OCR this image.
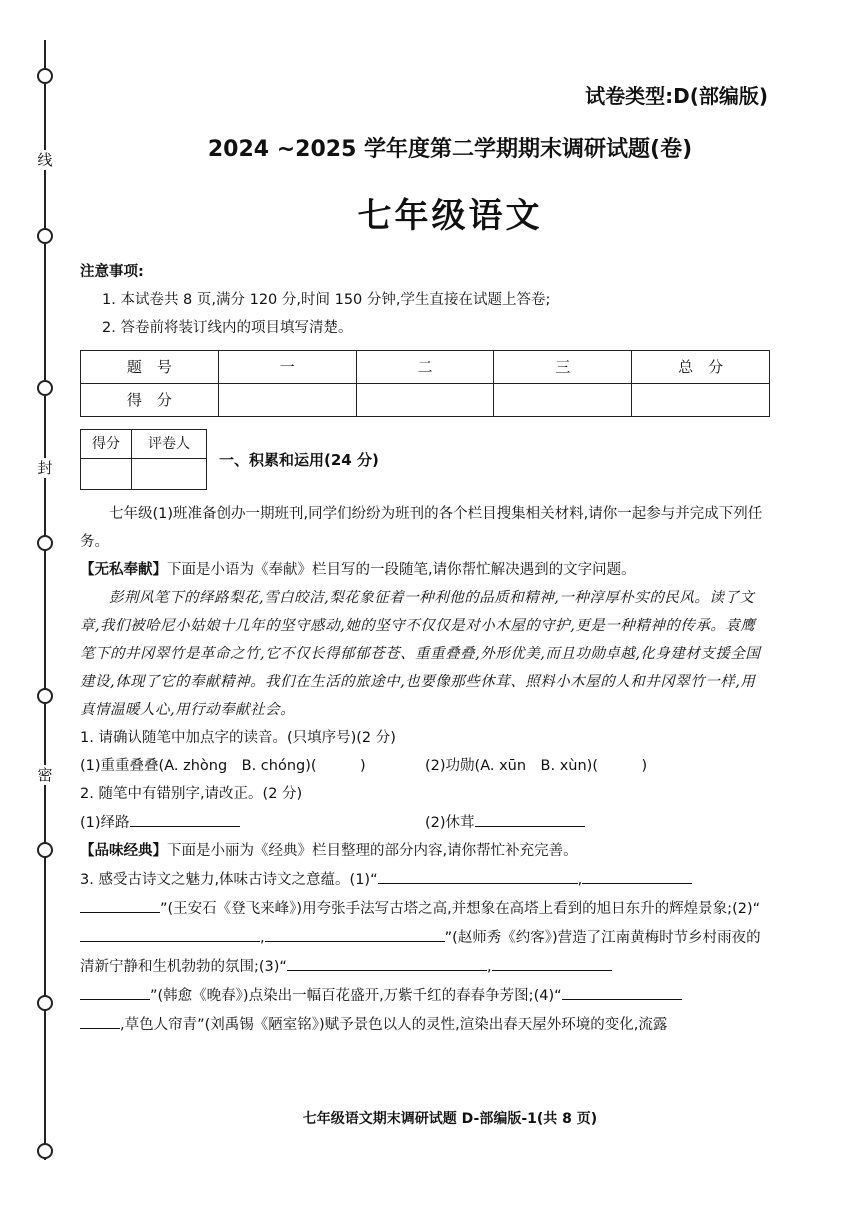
线
封
密
试卷类型:D(部编版)
2024 ~2025 学年度第二学期期末调研试题(卷)
七年级语文
注意事项:
1. 本试卷共 8 页,满分 120 分,时间 150 分钟,学生直接在试题上答卷;
2. 答卷前将装订线内的项目填写清楚。
题　号	一	二	三	总　分
得　分				
得分	评卷人

一、积累和运用(24 分)
七年级(1)班准备创办一期班刊,同学们纷纷为班刊的各个栏目搜集相关材料,请你一起参与并完成下列任务。
【无私奉献】下面是小语为《奉献》栏目写的一段随笔,请你帮忙解决遇到的文字问题。
彭荆风笔下的绎路梨花,雪白皎洁,梨花象征着一种利他的品质和精神,一种淳厚朴实的民风。读了文章,我们被哈尼小姑娘十几年的坚守感动,她的坚守不仅仅是对小木屋的守护,更是一种精神的传承。袁鹰笔下的井冈翠竹是革命之竹,它不仅长得郁郁苍苍、重重叠叠,外形优美,而且功勋卓越,化身建材支援全国建设,体现了它的奉献精神。我们在生活的旅途中,也要像那些休茸、照料小木屋的人和井冈翠竹一样,用真情温暖人心,用行动奉献社会。
1. 请确认随笔中加点字的读音。(只填序号)(2 分)
(1)重重叠叠(A. zhòng　B. chóng)(　　　)	(2)功勋(A. xūn　B. xùn)(　　　)
2. 随笔中有错别字,请改正。(2 分)
(1)绎路	(2)休茸
【品味经典】下面是小丽为《经典》栏目整理的部分内容,请你帮忙补充完善。
3. 感受古诗文之魅力,体味古诗文之意蕴。(1)“	,
”(王安石《登飞来峰》)用夸张手法写古塔之高,并想象在高塔上看到的旭日东升的辉煌景象;(2)“,	”(赵师秀《约客》)营造了江南黄梅时节乡村雨夜的清新宁静和生机勃勃的氛围;(3)“	,
”(韩愈《晚春》)点染出一幅百花盛开,万紫千红的春春争芳图;(4)“
,草色人帘青”(刘禹锡《陋室铭》)赋予景色以人的灵性,渲染出春天屋外环境的变化,流露
七年级语文期末调研试题 D-部编版-1(共 8 页)
